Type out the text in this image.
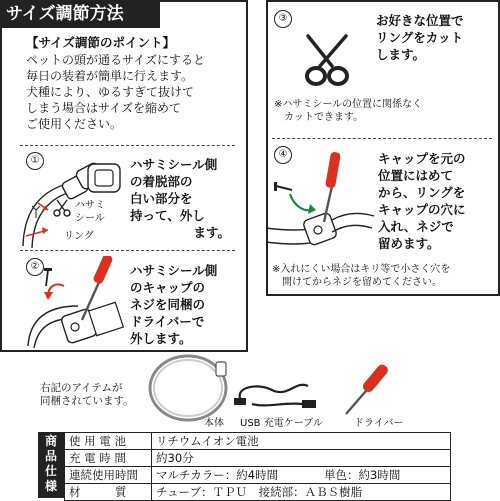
サイズ調節方法
【サイズ調節のポイント】
ペットの頭が通るサイズにすると
毎日の装着が簡単に行えます。
犬種により、ゆるすぎて抜けて
しまう場合はサイズを縮めて
ご使用ください。
①
ハサミ
シール
リング
ハサミシール側
の着脱部の
白い部分を
持って、外し
ます。
②	ハサミシール側
のキャップの
ネジを同梱の
ドライバーで
外します。
③	お好きな位置で
リングをカット
します。
※ハサミシールの位置に関係なく
カットできます。
④	キャップを元の
位置にはめて
から、リングを
キャップの穴に
入れ、ネジで
留めます。
※入れにくい場合はキリ等で小さく穴を
開けてからネジを留めてください。
右記のアイテムが
同梱されています。
本体 USB 充電ケーブル	ドライバー
	使 用 電 池	リチウムイオン電池	
	充 電 時 間	約30分	
	連続使用時間	マルチカラー：約4時間	単色：約3時間
	材　　　質	チューブ：ＴＰＵ　接続部：ＡＢＳ樹脂	
商
品
仕
様
